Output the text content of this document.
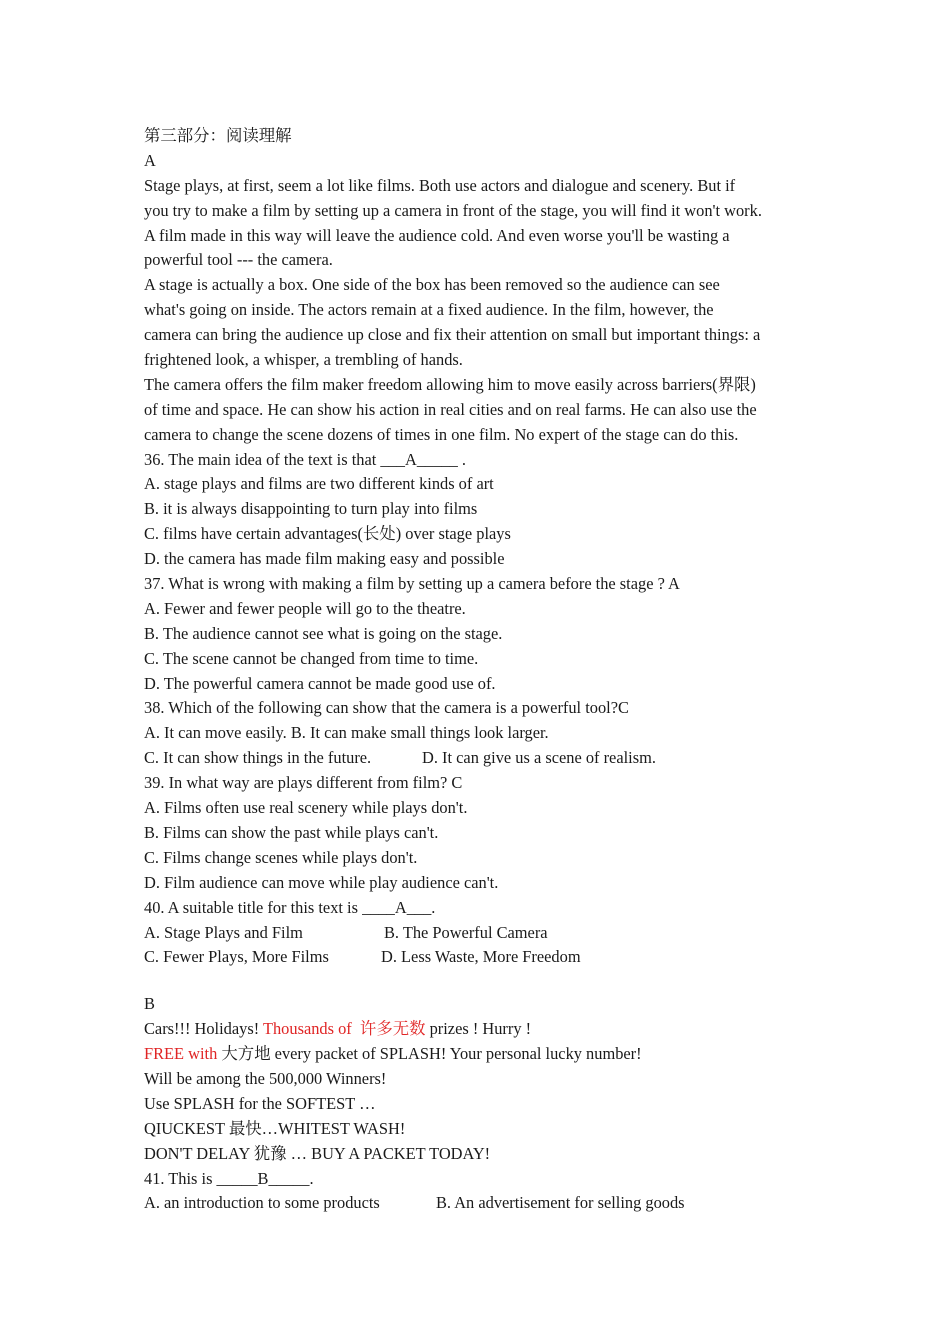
第三部分：阅读理解
A
Stage plays, at first, seem a lot like films. Both use actors and dialogue and scenery. But if
you try to make a film by setting up a camera in front of the stage, you will find it won't work.
A film made in this way will leave the audience cold. And even worse you'll be wasting a
powerful tool --- the camera.
A stage is actually a box. One side of the box has been removed so the audience can see
what's going on inside. The actors remain at a fixed audience. In the film, however, the
camera can bring the audience up close and fix their attention on small but important things: a
frightened look, a whisper, a trembling of hands.
The camera offers the film maker freedom allowing him to move easily across barriers(界限)
of time and space. He can show his action in real cities and on real farms. He can also use the
camera to change the scene dozens of times in one film. No expert of the stage can do this.
36. The main idea of the text is that ___A_____ .
A. stage plays and films are two different kinds of art
B. it is always disappointing to turn play into films
C. films have certain advantages(长处) over stage plays
D. the camera has made film making easy and possible
37. What is wrong with making a film by setting up a camera before the stage ? A
A. Fewer and fewer people will go to the theatre.
B. The audience cannot see what is going on the stage.
C. The scene cannot be changed from time to time.
D. The powerful camera cannot be made good use of.
38. Which of the following can show that the camera is a powerful tool?C
A. It can move easily. B. It can make small things look larger.
C. It can show things in the future.	D. It can give us a scene of realism.
39. In what way are plays different from film? C
A. Films often use real scenery while plays don't.
B. Films can show the past while plays can't.
C. Films change scenes while plays don't.
D. Film audience can move while play audience can't.
40. A suitable title for this text is ____A___.
A. Stage Plays and Film	B. The Powerful Camera
C. Fewer Plays, More Films	D. Less Waste, More Freedom
B
Cars!!! Holidays! Thousands of  许多无数 prizes ! Hurry !
FREE with 大方地 every packet of SPLASH! Your personal lucky number!
Will be among the 500,000 Winners!
Use SPLASH for the SOFTEST …
QIUCKEST 最快…WHITEST WASH!
DON'T DELAY 犹豫 … BUY A PACKET TODAY!
41. This is _____B_____.
A. an introduction to some products	B. An advertisement for selling goods
